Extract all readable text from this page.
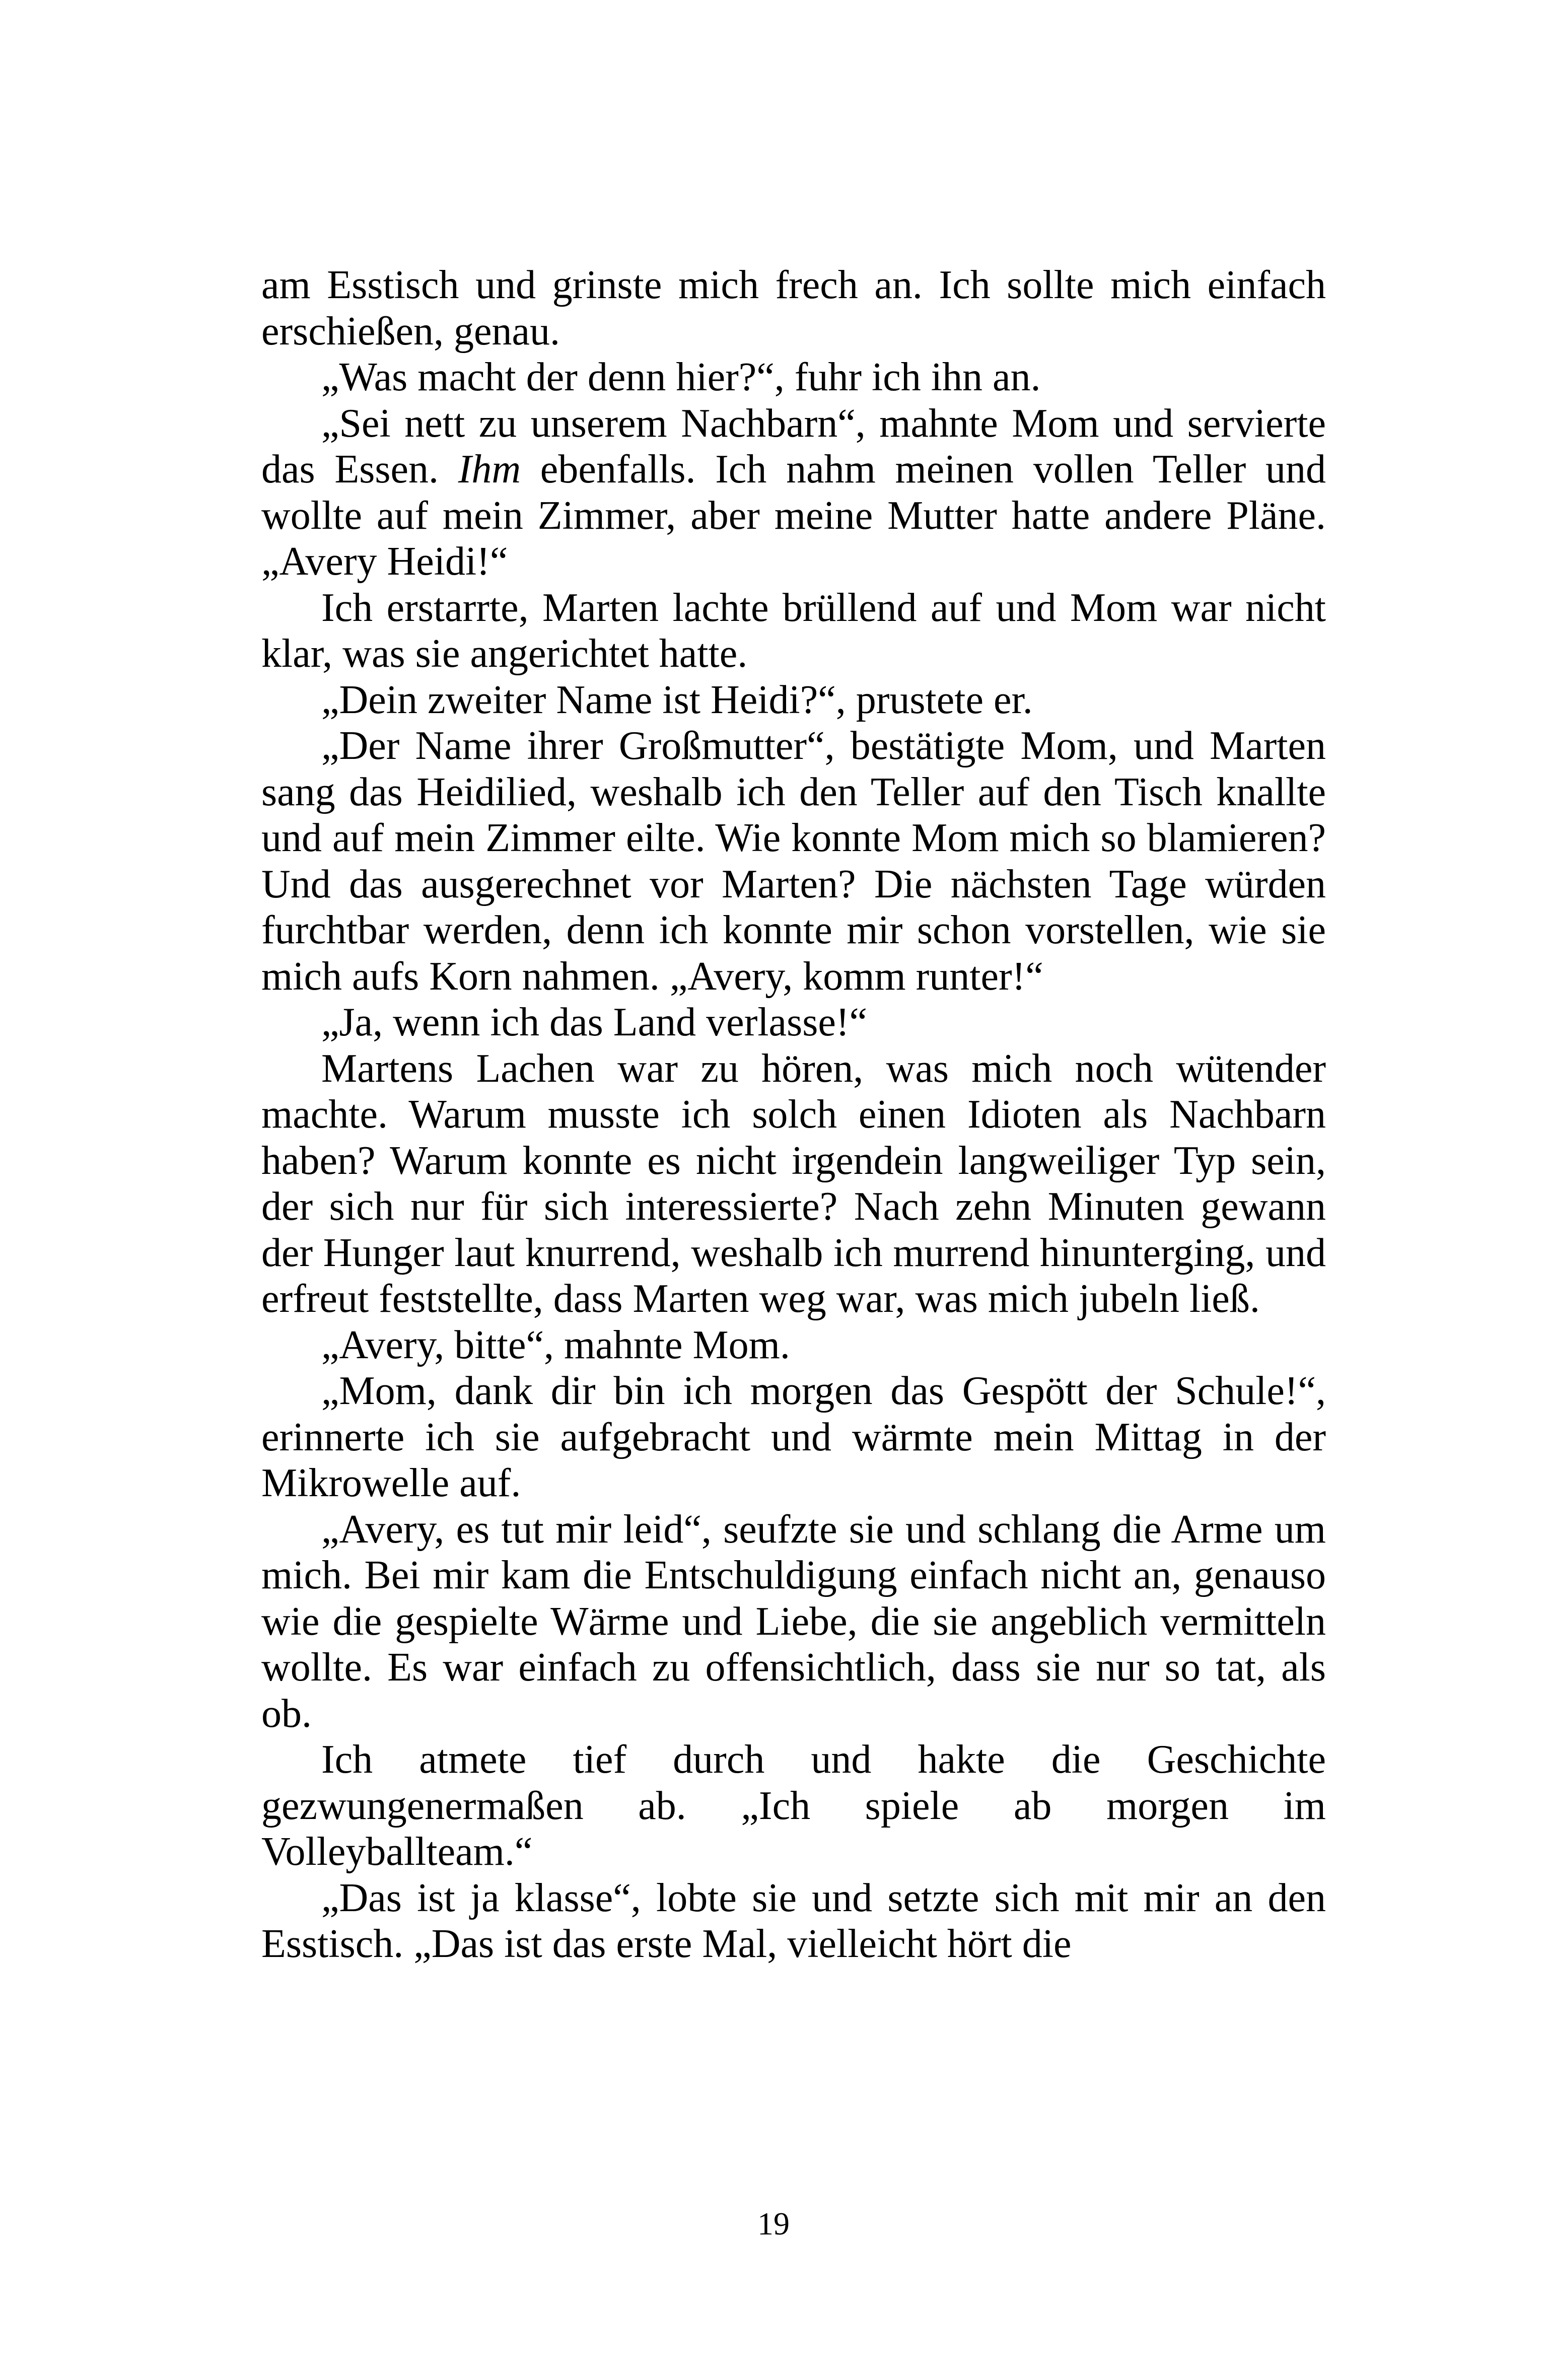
am Esstisch und grinste mich frech an. Ich sollte mich einfach erschießen, genau.

„Was macht der denn hier?“, fuhr ich ihn an.

„Sei nett zu unserem Nachbarn“, mahnte Mom und servierte das Essen. Ihm ebenfalls. Ich nahm meinen vollen Teller und wollte auf mein Zimmer, aber meine Mutter hatte andere Pläne. „Avery Heidi!“

Ich erstarrte, Marten lachte brüllend auf und Mom war nicht klar, was sie angerichtet hatte.

„Dein zweiter Name ist Heidi?“, prustete er.

„Der Name ihrer Großmutter“, bestätigte Mom, und Marten sang das Heidilied, weshalb ich den Teller auf den Tisch knallte und auf mein Zimmer eilte. Wie konnte Mom mich so blamieren? Und das ausgerechnet vor Marten? Die nächsten Tage würden furchtbar werden, denn ich konnte mir schon vorstellen, wie sie mich aufs Korn nahmen. „Avery, komm runter!“

„Ja, wenn ich das Land verlasse!“

Martens Lachen war zu hören, was mich noch wütender machte. Warum musste ich solch einen Idioten als Nachbarn haben? Warum konnte es nicht irgendein langweiliger Typ sein, der sich nur für sich interessierte? Nach zehn Minuten gewann der Hunger laut knurrend, weshalb ich murrend hinunterging, und erfreut feststellte, dass Marten weg war, was mich jubeln ließ.

„Avery, bitte“, mahnte Mom.

„Mom, dank dir bin ich morgen das Gespött der Schule!“, erinnerte ich sie aufgebracht und wärmte mein Mittag in der Mikrowelle auf.

„Avery, es tut mir leid“, seufzte sie und schlang die Arme um mich. Bei mir kam die Entschuldigung einfach nicht an, genauso wie die gespielte Wärme und Liebe, die sie angeblich vermitteln wollte. Es war einfach zu offensichtlich, dass sie nur so tat, als ob.

Ich atmete tief durch und hakte die Geschichte gezwungenermaßen ab. „Ich spiele ab morgen im Volleyballteam.“

„Das ist ja klasse“, lobte sie und setzte sich mit mir an den Esstisch. „Das ist das erste Mal, vielleicht hört die

19
